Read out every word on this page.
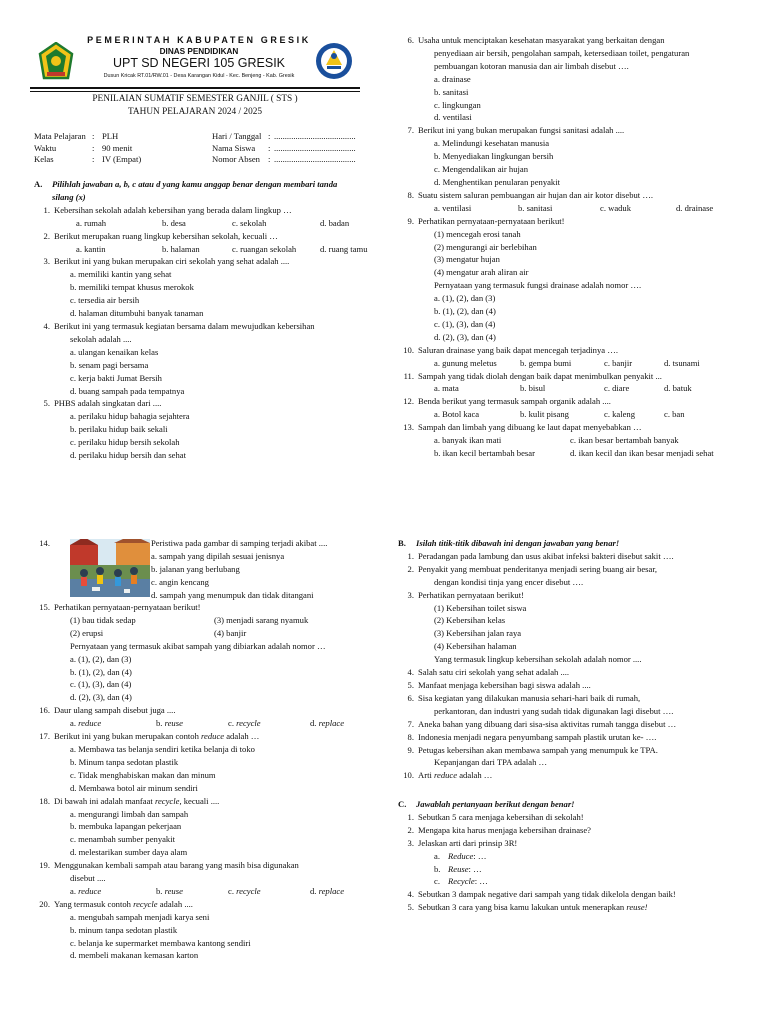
PEMERINTAH KABUPATEN GRESIK
DINAS PENDIDIKAN
UPT SD NEGERI 105 GRESIK
Dusun Kricak RT.01/RW.01 - Desa Karangan Kidul - Kec. Benjeng - Kab. Gresik
PENILAIAN SUMATIF SEMESTER GANJIL ( STS )
TAHUN PELAJARAN 2024 / 2025
Mata Pelajaran	:	PLH	Hari / Tanggal	:	......................................
Waktu	:	90 menit	Nama Siswa	:	......................................
Kelas	:	IV (Empat)	Nomor Absen	:	......................................
A. Pilihlah jawaban a, b, c atau d yang kamu anggap benar dengan membari tanda
silang (x)
1. Kebersihan sekolah adalah kebersihan yang berada dalam lingkup …
a. rumah	b. desa	c. sekolah	d. badan
2. Berikut merupakan ruang lingkup kebersihan sekolah, kecuali …
a. kantin	b. halaman	c. ruangan sekolah	d. ruang tamu
3. Berikut ini yang bukan merupakan ciri sekolah yang sehat adalah ....
a. memiliki kantin yang sehat
b. memiliki tempat khusus merokok
c. tersedia air bersih
d. halaman ditumbuhi banyak tanaman
4. Berikut ini yang termasuk kegiatan bersama dalam mewujudkan kebersihan
sekolah adalah ....
a. ulangan kenaikan kelas
b. senam pagi bersama
c. kerja bakti Jumat Bersih
d. buang sampah pada tempatnya
5. PHBS adalah singkatan dari ....
a. perilaku hidup bahagia sejahtera
b. perilaku hidup baik sekali
c. perilaku hidup bersih sekolah
d. perilaku hidup bersih dan sehat
6. Usaha untuk menciptakan kesehatan masyarakat yang berkaitan dengan
penyediaan air bersih, pengolahan sampah, ketersediaan toilet, pengaturan
pembuangan kotoran manusia dan air limbah disebut ….
a. drainase
b. sanitasi
c. lingkungan
d. ventilasi
7. Berikut ini yang bukan merupakan fungsi sanitasi adalah ....
a. Melindungi kesehatan manusia
b. Menyediakan lingkungan bersih
c. Mengendalikan air hujan
d. Menghentikan penularan penyakit
8. Suatu sistem saluran pembuangan air hujan dan air kotor disebut ….
a. ventilasi	b. sanitasi	c. waduk	d. drainase
9. Perhatikan pernyataan-pernyataan berikut!
(1) mencegah erosi tanah
(2) mengurangi air berlebihan
(3) mengatur hujan
(4) mengatur arah aliran air
Pernyataan yang termasuk fungsi drainase adalah nomor ….
a. (1), (2), dan (3)
b. (1), (2), dan (4)
c. (1), (3), dan (4)
d. (2), (3), dan (4)
10. Saluran drainase yang baik dapat mencegah terjadinya ….
a. gunung meletus	b. gempa bumi	c. banjir	d. tsunami
11. Sampah yang tidak diolah dengan baik dapat menimbulkan penyakit ...
a. mata	b. bisul	c. diare	d. batuk
12. Benda berikut yang termasuk sampah organik adalah ....
a. Botol kaca	b. kulit pisang	c. kaleng	c. ban
13. Sampah dan limbah yang dibuang ke laut dapat menyebabkan …
a. banyak ikan mati	c. ikan besar bertambah banyak
b. ikan kecil bertambah besar	d. ikan kecil dan ikan besar menjadi sehat
14.	Peristiwa pada gambar di samping terjadi akibat ....
a. sampah yang dipilah sesuai jenisnya
b. jalanan yang berlubang
c. angin kencang
d. sampah yang menumpuk dan tidak ditangani
15. Perhatikan pernyataan-pernyataan berikut!
(1) bau tidak sedap	(3) menjadi sarang nyamuk
(2) erupsi	(4) banjir
Pernyataan yang termasuk akibat sampah yang dibiarkan adalah nomor …
a. (1), (2), dan (3)
b. (1), (2), dan (4)
c. (1), (3), dan (4)
d. (2), (3), dan (4)
16. Daur ulang sampah disebut juga ....
a. reduce	b. reuse	c. recycle	d. replace
17. Berikut ini yang bukan merupakan contoh reduce adalah …
a. Membawa tas belanja sendiri ketika belanja di toko
b. Minum tanpa sedotan plastik
c. Tidak menghabiskan makan dan minum
d. Membawa botol air minum sendiri
18. Di bawah ini adalah manfaat recycle, kecuali ....
a. mengurangi limbah dan sampah
b. membuka lapangan pekerjaan
c. menambah sumber penyakit
d. melestarikan sumber daya alam
19. Menggunakan kembali sampah atau barang yang masih bisa digunakan
disebut ....
a. reduce	b. reuse	c. recycle	d. replace
20. Yang termasuk contoh recycle adalah ....
a. mengubah sampah menjadi karya seni
b. minum tanpa sedotan plastik
c. belanja ke supermarket membawa kantong sendiri
d. membeli makanan kemasan karton
B. Isilah titik-titik dibawah ini dengan jawaban yang benar!
1. Peradangan pada lambung dan usus akibat infeksi bakteri disebut sakit ….
2. Penyakit yang membuat penderitanya menjadi sering buang air besar,
dengan kondisi tinja yang encer disebut ….
3. Perhatikan pernyataan berikut!
(1) Kebersihan toilet siswa
(2) Kebersihan kelas
(3) Kebersihan jalan raya
(4) Kebersihan halaman
Yang termasuk lingkup kebersihan sekolah adalah nomor ....
4. Salah satu ciri sekolah yang sehat adalah ....
5. Manfaat menjaga kebersihan bagi siswa adalah ....
6. Sisa kegiatan yang dilakukan manusia sehari-hari baik di rumah,
perkantoran, dan industri yang sudah tidak digunakan lagi disebut ….
7. Aneka bahan yang dibuang dari sisa-sisa aktivitas rumah tangga disebut …
8. Indonesia menjadi negara penyumbang sampah plastik urutan ke- ….
9. Petugas kebersihan akan membawa sampah yang menumpuk ke TPA.
Kepanjangan dari TPA adalah …
10. Arti reduce adalah …
C. Jawablah pertanyaan berikut dengan benar!
1. Sebutkan 5 cara menjaga kebersihan di sekolah!
2. Mengapa kita harus menjaga kebersihan drainase?
3. Jelaskan arti dari prinsip 3R!
a. Reduce: …
b. Reuse: …
c. Recycle: …
4. Sebutkan 3 dampak negative dari sampah yang tidak dikelola dengan baik!
5. Sebutkan 3 cara yang bisa kamu lakukan untuk menerapkan reuse!
